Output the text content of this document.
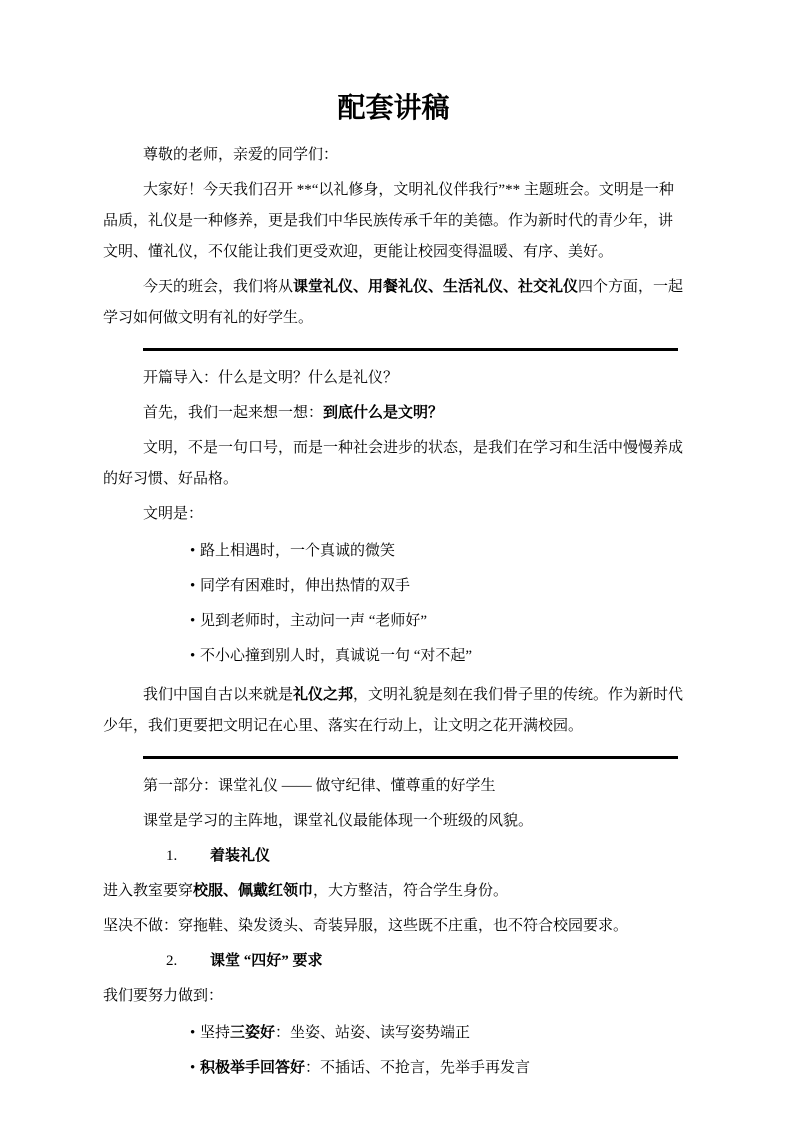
配套讲稿

尊敬的老师，亲爱的同学们：

大家好！今天我们召开 **“以礼修身，文明礼仪伴我行”** 主题班会。文明是一种品质，礼仪是一种修养，更是我们中华民族传承千年的美德。作为新时代的青少年，讲文明、懂礼仪，不仅能让我们更受欢迎，更能让校园变得温暖、有序、美好。

今天的班会，我们将从课堂礼仪、用餐礼仪、生活礼仪、社交礼仪四个方面，一起学习如何做文明有礼的好学生。

开篇导入：什么是文明？什么是礼仪？

首先，我们一起来想一想：到底什么是文明？

文明，不是一句口号，而是一种社会进步的状态，是我们在学习和生活中慢慢养成的好习惯、好品格。

文明是：

• 路上相遇时，一个真诚的微笑
• 同学有困难时，伸出热情的双手
• 见到老师时，主动问一声 “老师好”
• 不小心撞到别人时，真诚说一句 “对不起”

我们中国自古以来就是礼仪之邦，文明礼貌是刻在我们骨子里的传统。作为新时代少年，我们更要把文明记在心里、落实在行动上，让文明之花开满校园。

第一部分：课堂礼仪 —— 做守纪律、懂尊重的好学生

课堂是学习的主阵地，课堂礼仪最能体现一个班级的风貌。

1. 着装礼仪

进入教室要穿校服、佩戴红领巾，大方整洁，符合学生身份。

坚决不做：穿拖鞋、染发烫头、奇装异服，这些既不庄重，也不符合校园要求。

2. 课堂 “四好” 要求

我们要努力做到：

• 坚持三姿好：坐姿、站姿、读写姿势端正
• 积极举手回答好：不插话、不抢言，先举手再发言
